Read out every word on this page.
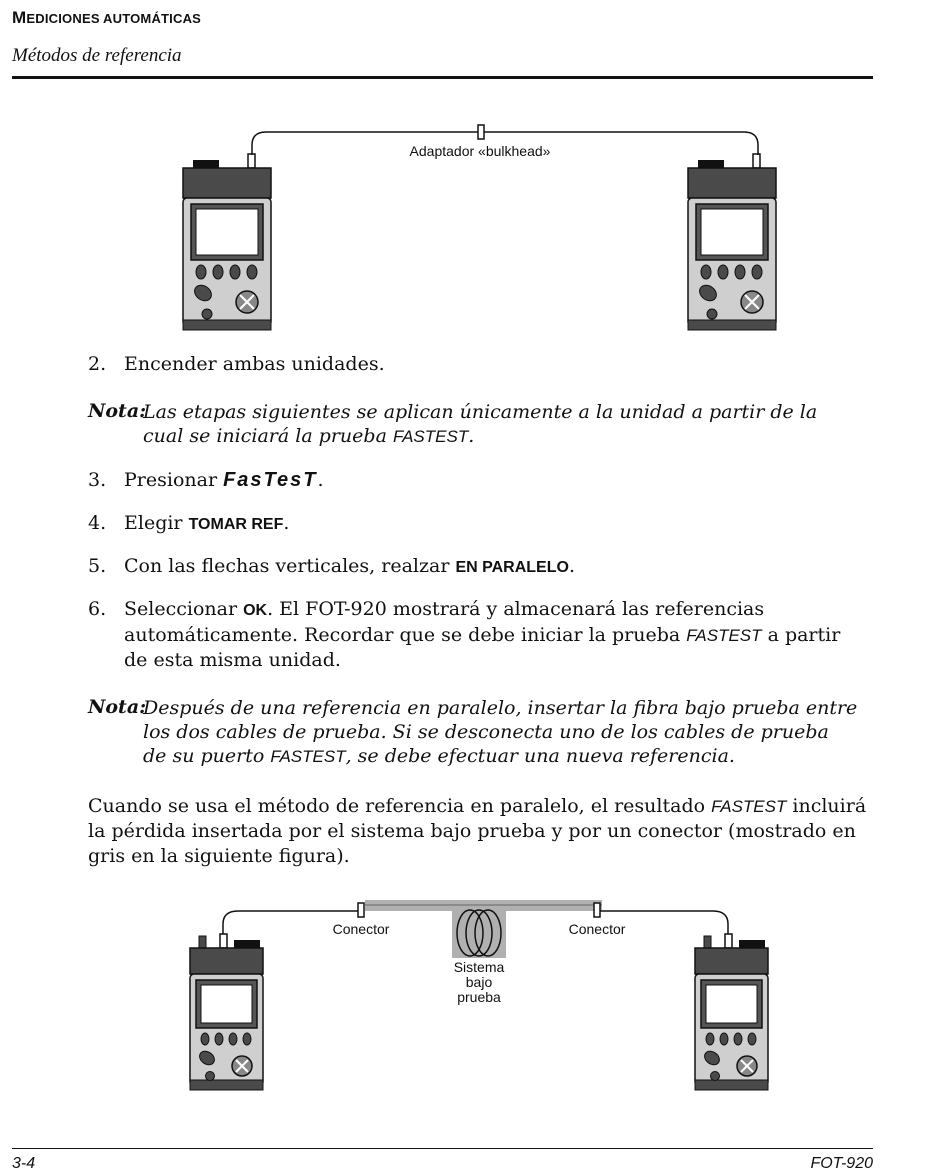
MEDICIONES AUTOMÁTICAS
Métodos de referencia
Adaptador «bulkhead»
2. Encender ambas unidades.
Nota:
Las etapas siguientes se aplican únicamente a la unidad a partir de la cual se iniciará la prueba FASTEST.
3. Presionar FasTesT.
4. Elegir TOMAR REF.
5. Con las flechas verticales, realzar EN PARALELO.
6. Seleccionar OK. El FOT-920 mostrará y almacenará las referencias automáticamente. Recordar que se debe iniciar la prueba FASTEST a partir de esta misma unidad.
Nota:
Después de una referencia en paralelo, insertar la fibra bajo prueba entre los dos cables de prueba. Si se desconecta uno de los cables de prueba de su puerto FASTEST, se debe efectuar una nueva referencia.
Cuando se usa el método de referencia en paralelo, el resultado FASTEST incluirá la pérdida insertada por el sistema bajo prueba y por un conector (mostrado en gris en la siguiente figura).
Conector	Conector
Sistema
bajo
prueba
3-4	FOT-920
